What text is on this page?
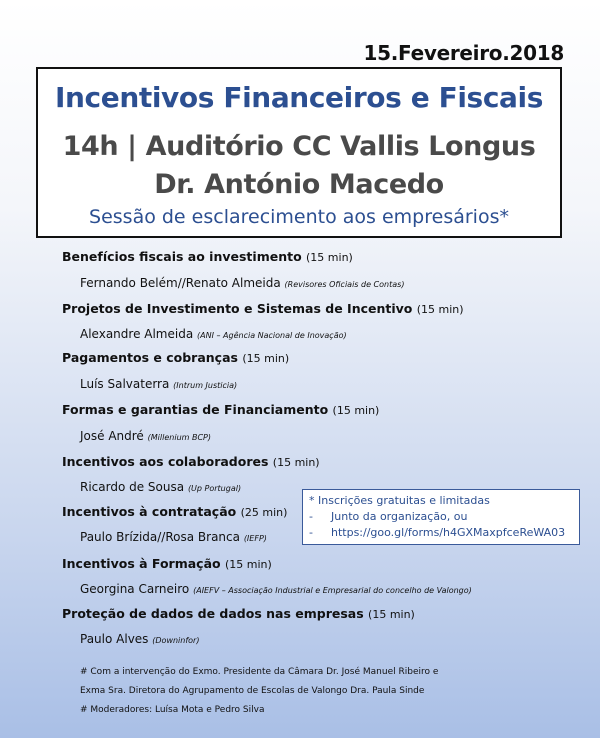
15.Fevereiro.2018
Incentivos Financeiros e Fiscais
14h | Auditório CC Vallis Longus
Dr. António Macedo
Sessão de esclarecimento aos empresários*
Benefícios fiscais ao investimento (15 min)
Fernando Belém//Renato Almeida (Revisores Oficiais de Contas)
Projetos de Investimento e Sistemas de Incentivo (15 min)
Alexandre Almeida (ANI – Agência Nacional de Inovação)
Pagamentos e cobranças (15 min)
Luís Salvaterra (Intrum Justicia)
Formas e garantias de Financiamento (15 min)
José André (Millenium BCP)
Incentivos aos colaboradores (15 min)
Ricardo de Sousa (Up Portugal)
Incentivos à contratação (25 min)
Paulo Brízida//Rosa Branca (IEFP)
Incentivos à Formação (15 min)
Georgina Carneiro (AIEFV – Associação Industrial e Empresarial do concelho de Valongo)
Proteção de dados de dados nas empresas (15 min)
Paulo Alves (Downinfor)
* Inscrições gratuitas e limitadas
-	Junto da organização, ou
-	https://goo.gl/forms/h4GXMaxpfceReWA03
# Com a intervenção do Exmo. Presidente da Câmara Dr. José Manuel Ribeiro e
Exma Sra. Diretora do Agrupamento de Escolas de Valongo Dra. Paula Sinde
# Moderadores: Luísa Mota e Pedro Silva
